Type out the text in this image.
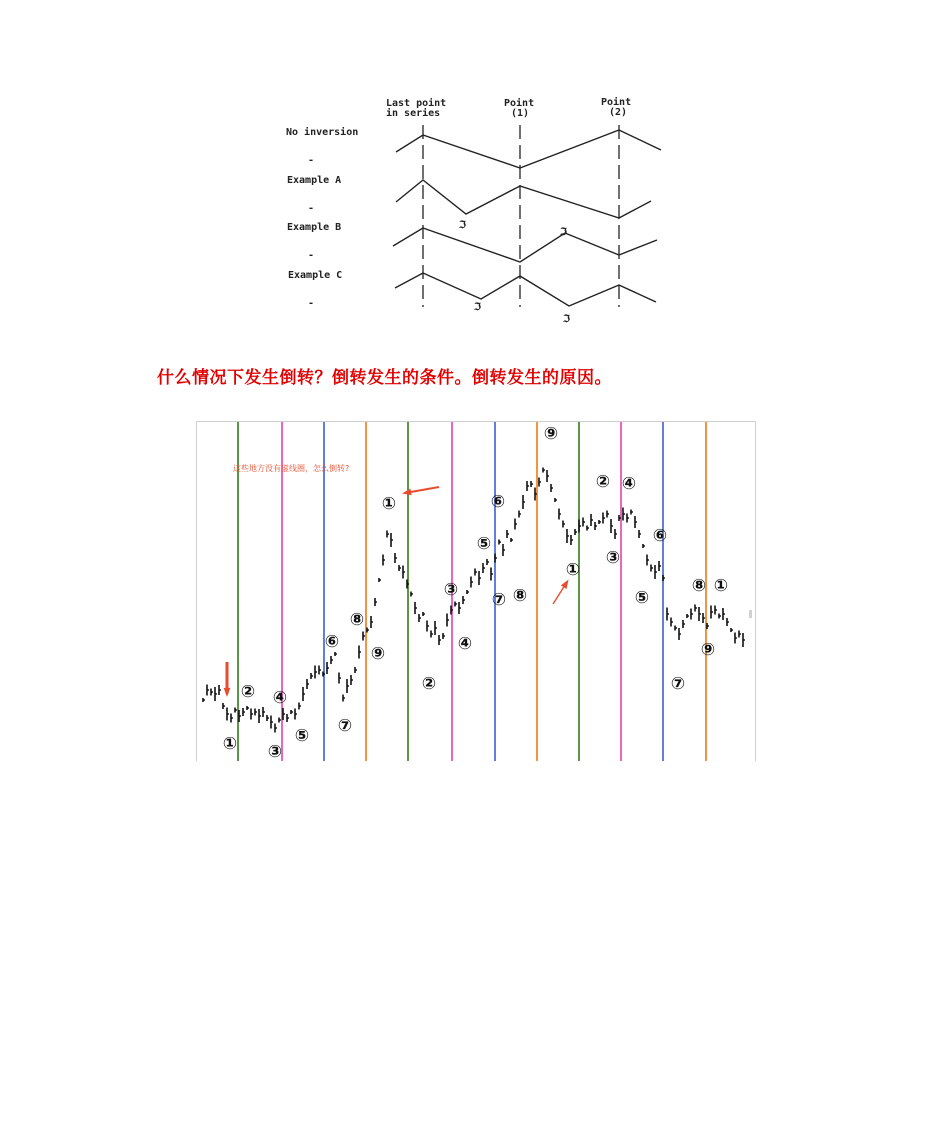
Last point
in series
Point
(1)
Point
(2)
No inversion
-
Example A
-
Example B
-
Example C
-
ℑ
ℑ
ℑ
ℑ
什么情况下发生倒转？倒转发生的条件。倒转发生的原因。
①
②
③
④
⑤
⑥
⑦
⑧
⑨
①
②
③
④
⑤
⑥
⑦ ⑧
⑨
①
②
③
④
⑤
⑥
⑦
⑧
⑨
①
这些地方没有虚线圈，怎么倒转?
